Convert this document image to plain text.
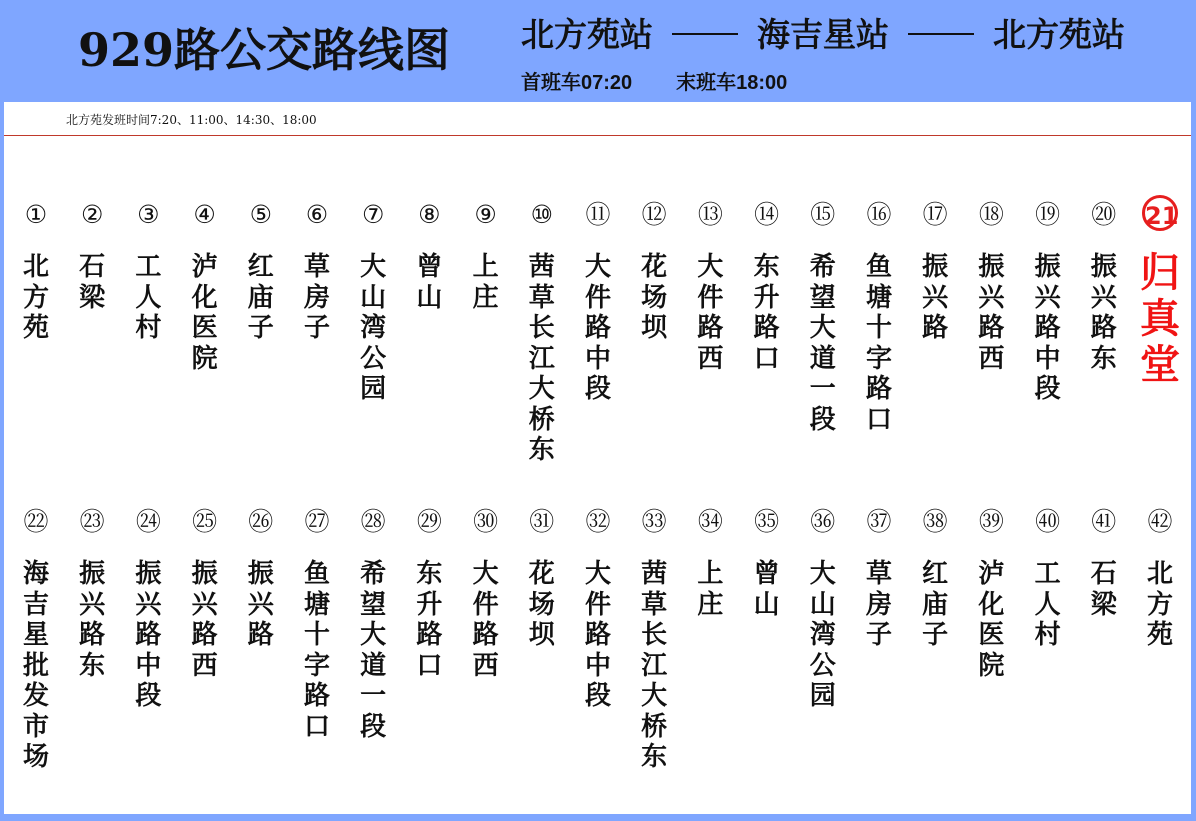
929路公交路线图 北方苑站	海吉星站	北方苑站
首班车07:20 末班车18:00
北方苑发班时间7:20、11:00、14:30、18:00
①
北方苑
②
石梁
③
工人村
④
泸化医院
⑤
红庙子
⑥
草房子
⑦
大山湾公园
⑧
曾山
⑨
上庄
⑩
茜草长江大桥东
⑪
大件路中段
⑫
花场坝
⑬
大件路西
⑭
东升路口
⑮
希望大道一段
⑯
鱼塘十字路口
⑰
振兴路
⑱
振兴路西
⑲
振兴路中段
⑳
振兴路东
21
归真堂
㉒
海吉星批发市场
㉓
振兴路东
㉔
振兴路中段
㉕
振兴路西
㉖
振兴路
㉗
鱼塘十字路口
㉘
希望大道一段
㉙
东升路口
㉚
大件路西
㉛
花场坝
㉜
大件路中段
㉝
茜草长江大桥东
㉞
上庄
㉟
曾山
㊱
大山湾公园
㊲
草房子
㊳
红庙子
㊴
泸化医院
㊵
工人村
㊶
石梁
㊷
北方苑
